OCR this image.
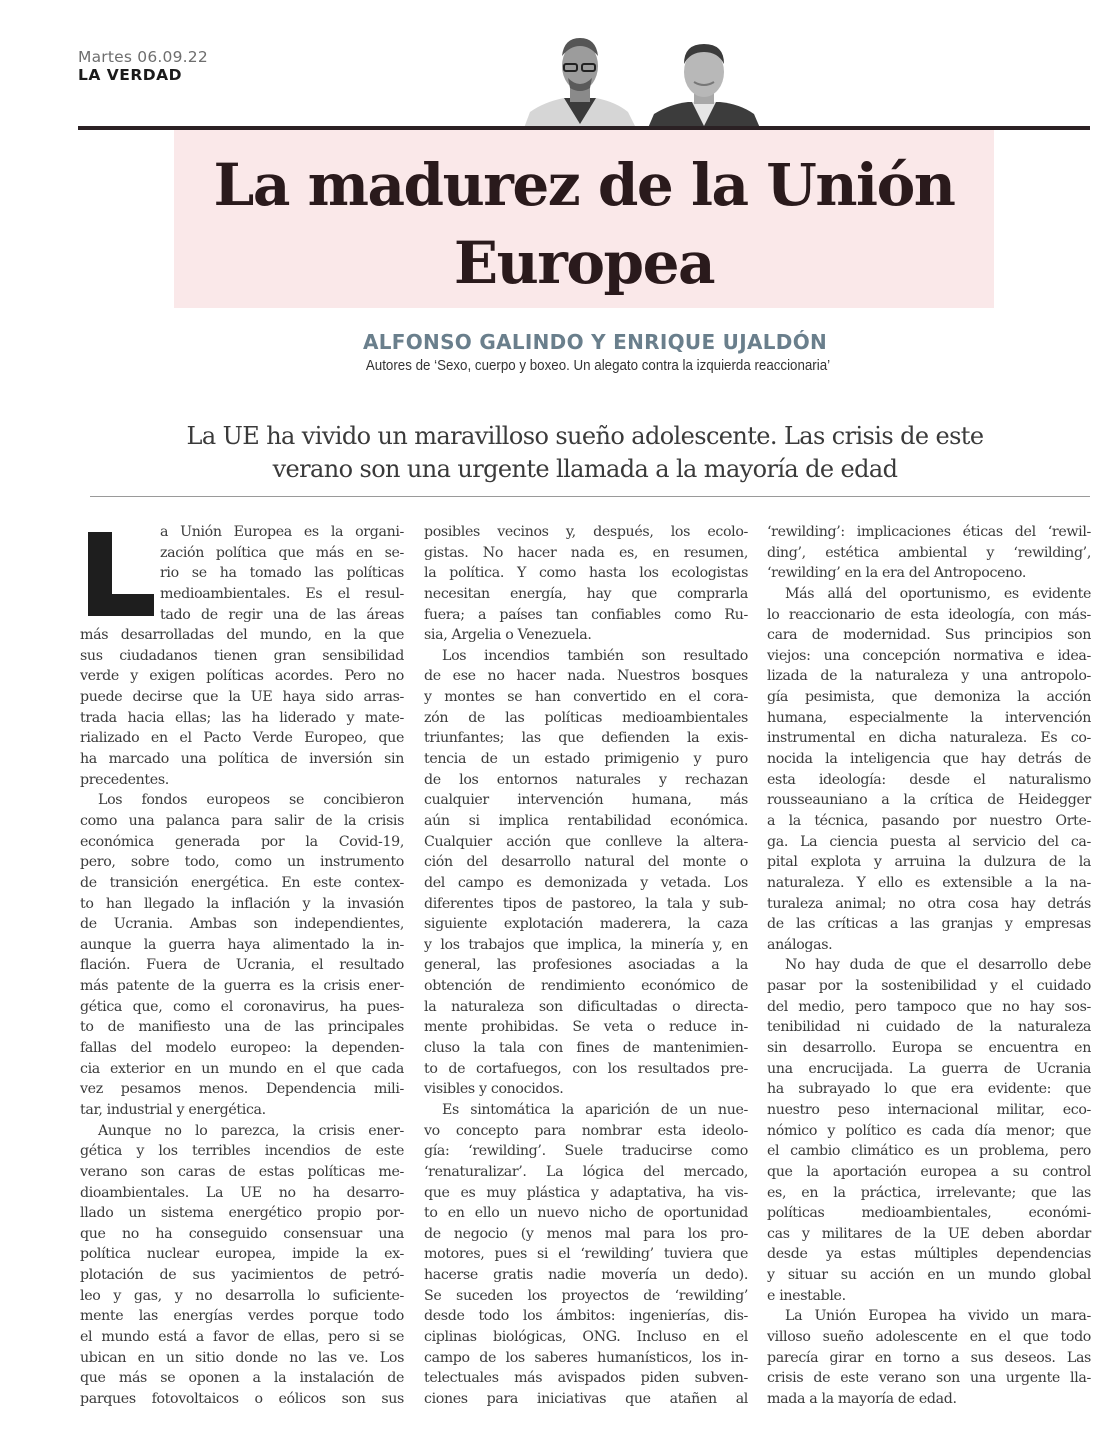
Martes 06.09.22
LA VERDAD
La madurez de la Unión
Europea
ALFONSO GALINDO Y ENRIQUE UJALDÓN
Autores de ‘Sexo, cuerpo y boxeo. Un alegato contra la izquierda reaccionaria’
La UE ha vivido un maravilloso sueño adolescente. Las crisis de este
verano son una urgente llamada a la mayoría de edad
a Unión Europea es la organi-
zación política que más en se-
rio se ha tomado las políticas
medioambientales. Es el resul-
tado de regir una de las áreas
más desarrolladas del mundo, en la que
sus ciudadanos tienen gran sensibilidad
verde y exigen políticas acordes. Pero no
puede decirse que la UE haya sido arras-
trada hacia ellas; las ha liderado y mate-
rializado en el Pacto Verde Europeo, que
ha marcado una política de inversión sin
precedentes.
Los fondos europeos se concibieron
como una palanca para salir de la crisis
económica generada por la Covid-19,
pero, sobre todo, como un instrumento
de transición energética. En este contex-
to han llegado la inflación y la invasión
de Ucrania. Ambas son independientes,
aunque la guerra haya alimentado la in-
flación. Fuera de Ucrania, el resultado
más patente de la guerra es la crisis ener-
gética que, como el coronavirus, ha pues-
to de manifiesto una de las principales
fallas del modelo europeo: la dependen-
cia exterior en un mundo en el que cada
vez pesamos menos. Dependencia mili-
tar, industrial y energética.
Aunque no lo parezca, la crisis ener-
gética y los terribles incendios de este
verano son caras de estas políticas me-
dioambientales. La UE no ha desarro-
llado un sistema energético propio por-
que no ha conseguido consensuar una
política nuclear europea, impide la ex-
plotación de sus yacimientos de petró-
leo y gas, y no desarrolla lo suficiente-
mente las energías verdes porque todo
el mundo está a favor de ellas, pero si se
ubican en un sitio donde no las ve. Los
que más se oponen a la instalación de
parques fotovoltaicos o eólicos son sus
posibles vecinos y, después, los ecolo-
gistas. No hacer nada es, en resumen,
la política. Y como hasta los ecologistas
necesitan energía, hay que comprarla
fuera; a países tan confiables como Ru-
sia, Argelia o Venezuela.
Los incendios también son resultado
de ese no hacer nada. Nuestros bosques
y montes se han convertido en el cora-
zón de las políticas medioambientales
triunfantes; las que defienden la exis-
tencia de un estado primigenio y puro
de los entornos naturales y rechazan
cualquier intervención humana, más
aún si implica rentabilidad económica.
Cualquier acción que conlleve la altera-
ción del desarrollo natural del monte o
del campo es demonizada y vetada. Los
diferentes tipos de pastoreo, la tala y sub-
siguiente explotación maderera, la caza
y los trabajos que implica, la minería y, en
general, las profesiones asociadas a la
obtención de rendimiento económico de
la naturaleza son dificultadas o directa-
mente prohibidas. Se veta o reduce in-
cluso la tala con fines de mantenimien-
to de cortafuegos, con los resultados pre-
visibles y conocidos.
Es sintomática la aparición de un nue-
vo concepto para nombrar esta ideolo-
gía: ‘rewilding’. Suele traducirse como
‘renaturalizar’. La lógica del mercado,
que es muy plástica y adaptativa, ha vis-
to en ello un nuevo nicho de oportunidad
de negocio (y menos mal para los pro-
motores, pues si el ‘rewilding’ tuviera que
hacerse gratis nadie movería un dedo).
Se suceden los proyectos de ‘rewilding’
desde todo los ámbitos: ingenierías, dis-
ciplinas biológicas, ONG. Incluso en el
campo de los saberes humanísticos, los in-
telectuales más avispados piden subven-
ciones para iniciativas que atañen al
‘rewilding’: implicaciones éticas del ‘rewil-
ding’, estética ambiental y ‘rewilding’,
‘rewilding’ en la era del Antropoceno.
Más allá del oportunismo, es evidente
lo reaccionario de esta ideología, con más-
cara de modernidad. Sus principios son
viejos: una concepción normativa e idea-
lizada de la naturaleza y una antropolo-
gía pesimista, que demoniza la acción
humana, especialmente la intervención
instrumental en dicha naturaleza. Es co-
nocida la inteligencia que hay detrás de
esta ideología: desde el naturalismo
rousseauniano a la crítica de Heidegger
a la técnica, pasando por nuestro Orte-
ga. La ciencia puesta al servicio del ca-
pital explota y arruina la dulzura de la
naturaleza. Y ello es extensible a la na-
turaleza animal; no otra cosa hay detrás
de las críticas a las granjas y empresas
análogas.
No hay duda de que el desarrollo debe
pasar por la sostenibilidad y el cuidado
del medio, pero tampoco que no hay sos-
tenibilidad ni cuidado de la naturaleza
sin desarrollo. Europa se encuentra en
una encrucijada. La guerra de Ucrania
ha subrayado lo que era evidente: que
nuestro peso internacional militar, eco-
nómico y político es cada día menor; que
el cambio climático es un problema, pero
que la aportación europea a su control
es, en la práctica, irrelevante; que las
políticas medioambientales, económi-
cas y militares de la UE deben abordar
desde ya estas múltiples dependencias
y situar su acción en un mundo global
e inestable.
La Unión Europea ha vivido un mara-
villoso sueño adolescente en el que todo
parecía girar en torno a sus deseos. Las
crisis de este verano son una urgente lla-
mada a la mayoría de edad.
